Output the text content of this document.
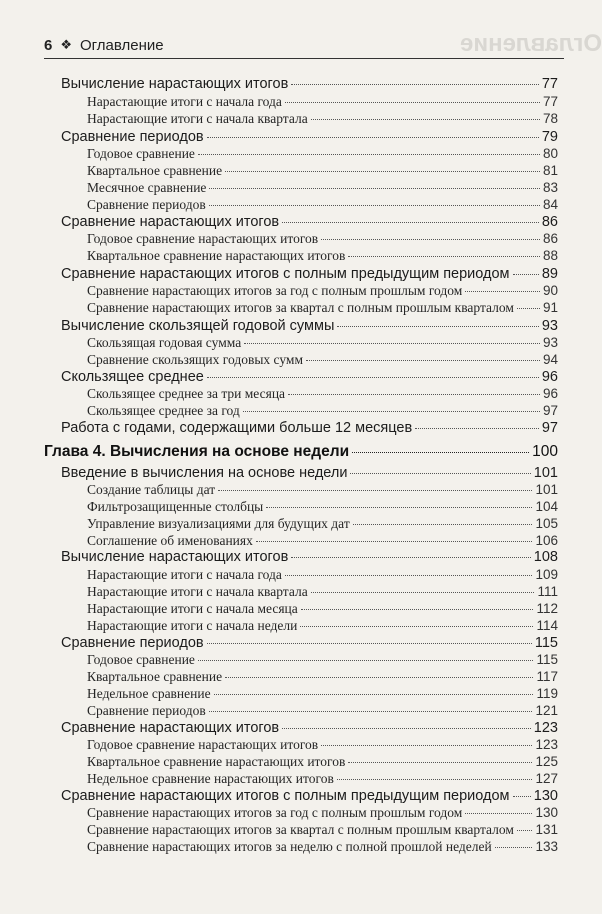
Оглавление
6 ❖ Оглавление
Вычисление нарастающих итогов	77
Нарастающие итоги с начала года	77
Нарастающие итоги с начала квартала	78
Сравнение периодов	79
Годовое сравнение	80
Квартальное сравнение	81
Месячное сравнение	83
Сравнение периодов	84
Сравнение нарастающих итогов	86
Годовое сравнение нарастающих итогов	86
Квартальное сравнение нарастающих итогов	88
Сравнение нарастающих итогов с полным предыдущим периодом 89
Сравнение нарастающих итогов за год с полным прошлым годом	90
Сравнение нарастающих итогов за квартал с полным прошлым кварталом 91
Вычисление скользящей годовой суммы	93
Скользящая годовая сумма	93
Сравнение скользящих годовых сумм	94
Скользящее среднее	96
Скользящее среднее за три месяца	96
Скользящее среднее за год	97
Работа с годами, содержащими больше 12 месяцев	97
Глава 4. Вычисления на основе недели	100
Введение в вычисления на основе недели	101
Создание таблицы дат	101
Фильтрозащищенные столбцы	104
Управление визуализациями для будущих дат	105
Соглашение об именованиях	106
Вычисление нарастающих итогов	108
Нарастающие итоги с начала года	109
Нарастающие итоги с начала квартала	111
Нарастающие итоги с начала месяца	112
Нарастающие итоги с начала недели	114
Сравнение периодов	115
Годовое сравнение	115
Квартальное сравнение	117
Недельное сравнение	119
Сравнение периодов	121
Сравнение нарастающих итогов	123
Годовое сравнение нарастающих итогов	123
Квартальное сравнение нарастающих итогов	125
Недельное сравнение нарастающих итогов	127
Сравнение нарастающих итогов с полным предыдущим периодом 130
Сравнение нарастающих итогов за год с полным прошлым годом	130
Сравнение нарастающих итогов за квартал с полным прошлым кварталом 131
Сравнение нарастающих итогов за неделю с полной прошлой неделей	133
